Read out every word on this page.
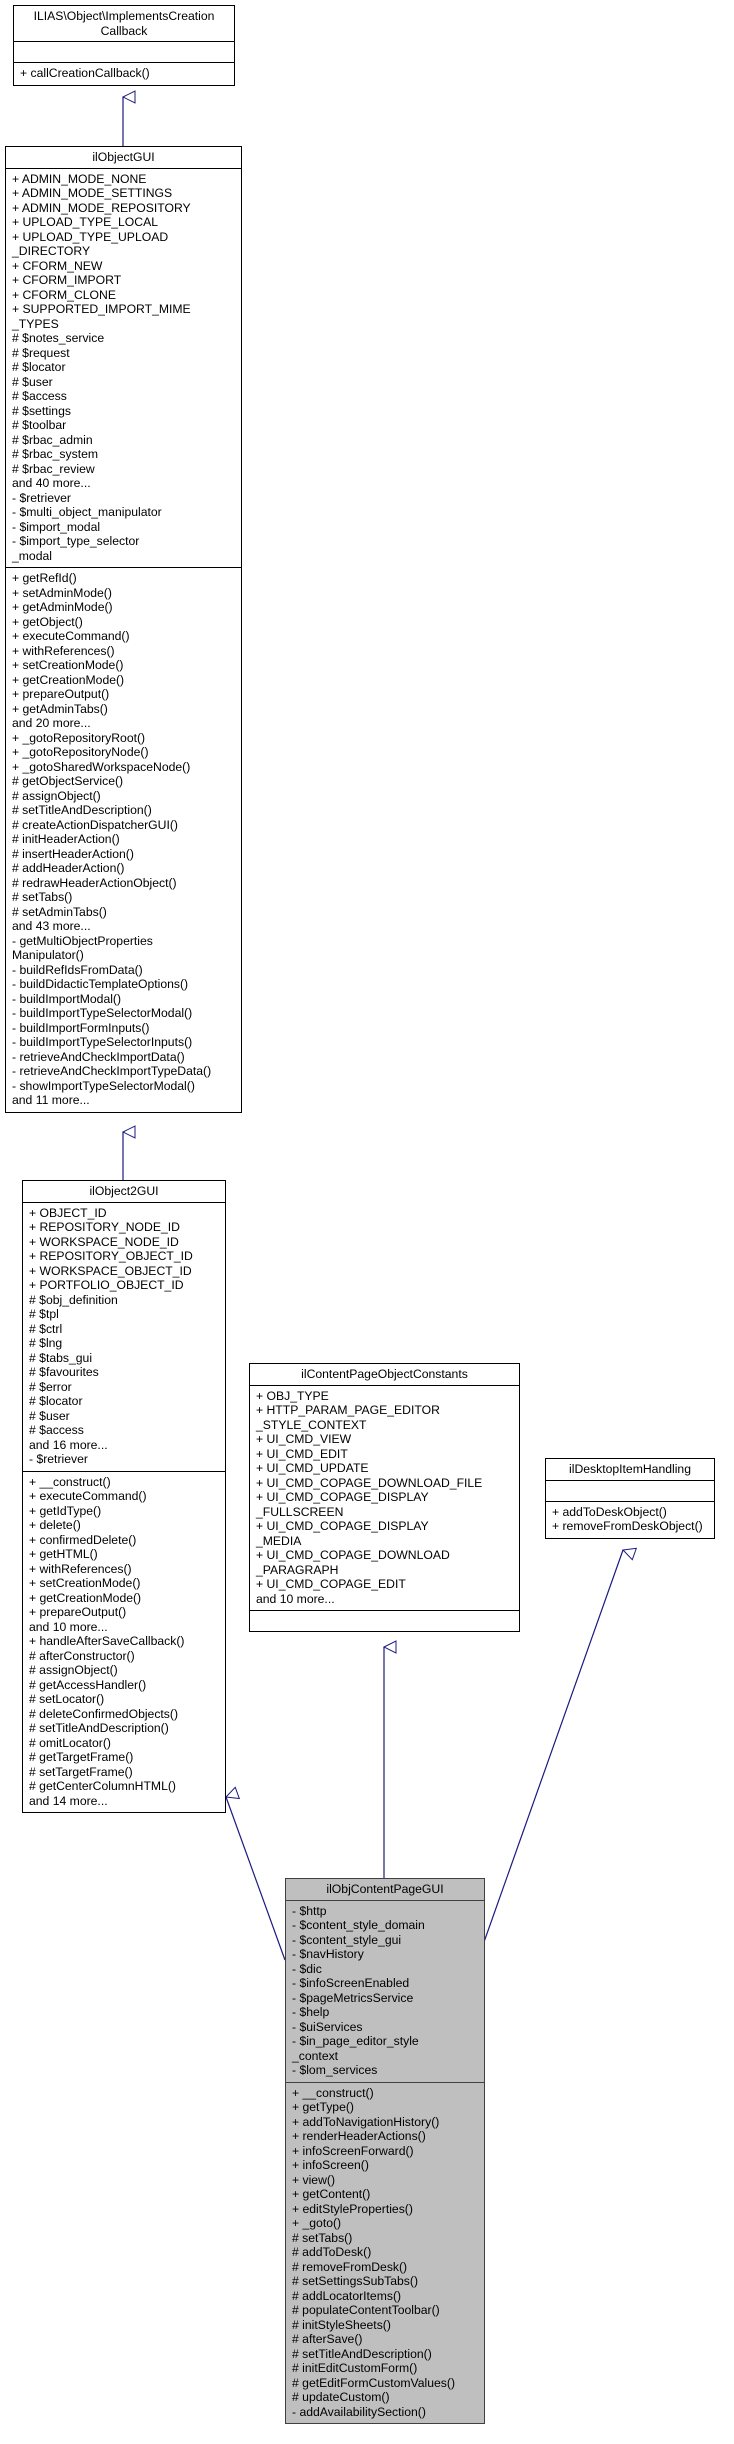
ILIAS\Object\ImplementsCreation
Callback
+ callCreationCallback()
ilObjectGUI
+ ADMIN_MODE_NONE
+ ADMIN_MODE_SETTINGS
+ ADMIN_MODE_REPOSITORY
+ UPLOAD_TYPE_LOCAL
+ UPLOAD_TYPE_UPLOAD
_DIRECTORY
+ CFORM_NEW
+ CFORM_IMPORT
+ CFORM_CLONE
+ SUPPORTED_IMPORT_MIME
_TYPES
# $notes_service
# $request
# $locator
# $user
# $access
# $settings
# $toolbar
# $rbac_admin
# $rbac_system
# $rbac_review
and 40 more...
- $retriever
- $multi_object_manipulator
- $import_modal
- $import_type_selector
_modal
+ getRefId()
+ setAdminMode()
+ getAdminMode()
+ getObject()
+ executeCommand()
+ withReferences()
+ setCreationMode()
+ getCreationMode()
+ prepareOutput()
+ getAdminTabs()
and 20 more...
+ _gotoRepositoryRoot()
+ _gotoRepositoryNode()
+ _gotoSharedWorkspaceNode()
# getObjectService()
# assignObject()
# setTitleAndDescription()
# createActionDispatcherGUI()
# initHeaderAction()
# insertHeaderAction()
# addHeaderAction()
# redrawHeaderActionObject()
# setTabs()
# setAdminTabs()
and 43 more...
- getMultiObjectProperties
Manipulator()
- buildRefIdsFromData()
- buildDidacticTemplateOptions()
- buildImportModal()
- buildImportTypeSelectorModal()
- buildImportFormInputs()
- buildImportTypeSelectorInputs()
- retrieveAndCheckImportData()
- retrieveAndCheckImportTypeData()
- showImportTypeSelectorModal()
and 11 more...
ilObject2GUI
+ OBJECT_ID
+ REPOSITORY_NODE_ID
+ WORKSPACE_NODE_ID
+ REPOSITORY_OBJECT_ID
+ WORKSPACE_OBJECT_ID
+ PORTFOLIO_OBJECT_ID
# $obj_definition
# $tpl
# $ctrl
# $lng
# $tabs_gui
# $favourites
# $error
# $locator
# $user
# $access
and 16 more...
- $retriever
+ __construct()
+ executeCommand()
+ getIdType()
+ delete()
+ confirmedDelete()
+ getHTML()
+ withReferences()
+ setCreationMode()
+ getCreationMode()
+ prepareOutput()
and 10 more...
+ handleAfterSaveCallback()
# afterConstructor()
# assignObject()
# getAccessHandler()
# setLocator()
# deleteConfirmedObjects()
# setTitleAndDescription()
# omitLocator()
# getTargetFrame()
# setTargetFrame()
# getCenterColumnHTML()
and 14 more...
ilContentPageObjectConstants
+ OBJ_TYPE
+ HTTP_PARAM_PAGE_EDITOR
_STYLE_CONTEXT
+ UI_CMD_VIEW
+ UI_CMD_EDIT
+ UI_CMD_UPDATE
+ UI_CMD_COPAGE_DOWNLOAD_FILE
+ UI_CMD_COPAGE_DISPLAY
_FULLSCREEN
+ UI_CMD_COPAGE_DISPLAY
_MEDIA
+ UI_CMD_COPAGE_DOWNLOAD
_PARAGRAPH
+ UI_CMD_COPAGE_EDIT
and 10 more...
ilDesktopItemHandling
+ addToDeskObject()
+ removeFromDeskObject()
ilObjContentPageGUI
- $http
- $content_style_domain
- $content_style_gui
- $navHistory
- $dic
- $infoScreenEnabled
- $pageMetricsService
- $help
- $uiServices
- $in_page_editor_style
_context
- $lom_services
+ __construct()
+ getType()
+ addToNavigationHistory()
+ renderHeaderActions()
+ infoScreenForward()
+ infoScreen()
+ view()
+ getContent()
+ editStyleProperties()
+ _goto()
# setTabs()
# addToDesk()
# removeFromDesk()
# setSettingsSubTabs()
# addLocatorItems()
# populateContentToolbar()
# initStyleSheets()
# afterSave()
# setTitleAndDescription()
# initEditCustomForm()
# getEditFormCustomValues()
# updateCustom()
- addAvailabilitySection()
